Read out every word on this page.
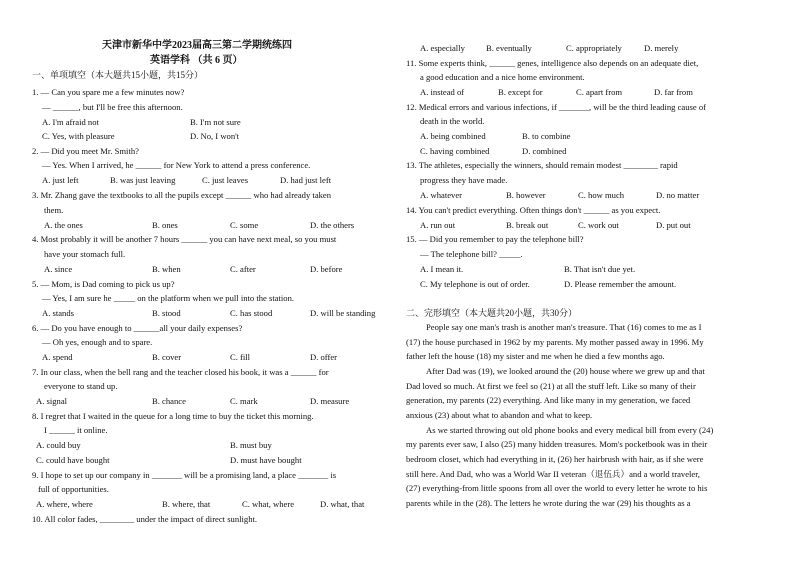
天津市新华中学2023届高三第二学期统练四
英语学科 （共 6 页）
一、单项填空（本大题共15小题，共15分）
1. — Can you spare me a few minutes now?
— ______, but I'll be free this afternoon.
A. I'm afraid not	B. I'm not sure
C. Yes, with pleasure	D. No, I won't
2. — Did you meet Mr. Smith?
— Yes. When I arrived, he ______ for New York to attend a press conference.
A. just left	B. was just leaving	C. just leaves	D. had just left
3. Mr. Zhang gave the textbooks to all the pupils except ______ who had already taken
them.
A. the ones	B. ones	C. some	D. the others
4. Most probably it will be another 7 hours ______ you can have next meal, so you must
have your stomach full.
A. since	B. when	C. after	D. before
5. — Mom, is Dad coming to pick us up?
— Yes, I am sure he _____ on the platform when we pull into the station.
A. stands	B. stood	C. has stood	D. will be standing
6. — Do you have enough to ______all your daily expenses?
— Oh yes, enough and to spare.
A. spend	B. cover	C. fill	D. offer
7. In our class, when the bell rang and the teacher closed his book, it was a ______ for
everyone to stand up.
A. signal	B. chance	C. mark	D. measure
8. I regret that I waited in the queue for a long time to buy the ticket this morning.
I ______ it online.
A. could buy	B. must buy
C. could have bought	D. must have bought
9. I hope to set up our company in _______ will be a promising land, a place _______ is
full of opportunities.
A. where, where	B. where, that	C. what, where	D. what, that
10. All color fades, ________ under the impact of direct sunlight.
A. especially B. eventually	C. appropriately	D. merely
11. Some experts think, ______ genes, intelligence also depends on an adequate diet,
a good education and a nice home environment.
A. instead of	B. except for	C. apart from	D. far from
12. Medical errors and various infections, if _______, will be the third leading cause of
death in the world.
A. being combined	B. to combine
C. having combined	D. combined
13. The athletes, especially the winners, should remain modest ________ rapid
progress they have made.
A. whatever	B. however	C. how much	D. no matter
14. You can't predict everything. Often things don't ______ as you expect.
A. run out	B. break out	C. work out	D. put out
15. — Did you remember to pay the telephone bill?
— The telephone bill? _____.
A. I mean it.	B. That isn't due yet.
C. My telephone is out of order.	D. Please remember the amount.
二、完形填空（本大题共20小题，共30分）
People say one man's trash is another man's treasure. That (16) comes to me as I
(17) the house purchased in 1962 by my parents. My mother passed away in 1996. My
father left the house (18) my sister and me when he died a few months ago.
After Dad was (19), we looked around the (20) house where we grew up and that
Dad loved so much. At first we feel so (21) at all the stuff left. Like so many of their
generation, my parents (22) everything. And like many in my generation, we faced
anxious (23) about what to abandon and what to keep.
As we started throwing out old phone books and every medical bill from every (24)
my parents ever saw, I also (25) many hidden treasures. Mom's pocketbook was in their
bedroom closet, which had everything in it, (26) her hairbrush with hair, as if she were
still here. And Dad, who was a World War II veteran（退伍兵）and a world traveler,
(27) everything-from little spoons from all over the world to every letter he wrote to his
parents while in the (28). The letters he wrote during the war (29) his thoughts as a
